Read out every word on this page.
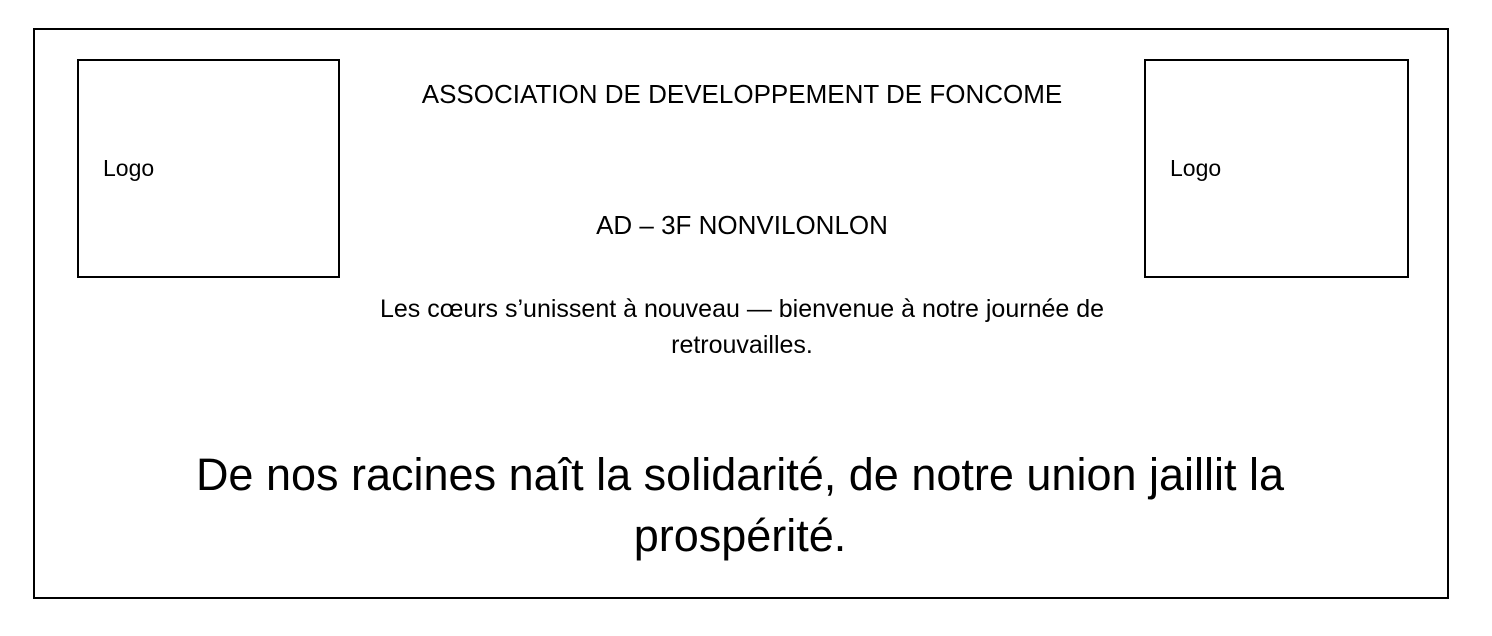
Logo	Logo
ASSOCIATION DE DEVELOPPEMENT DE FONCOME
AD – 3F NONVILONLON
Les cœurs s’unissent à nouveau — bienvenue à notre journée de retrouvailles.
De nos racines naît la solidarité, de notre union jaillit la prospérité.
